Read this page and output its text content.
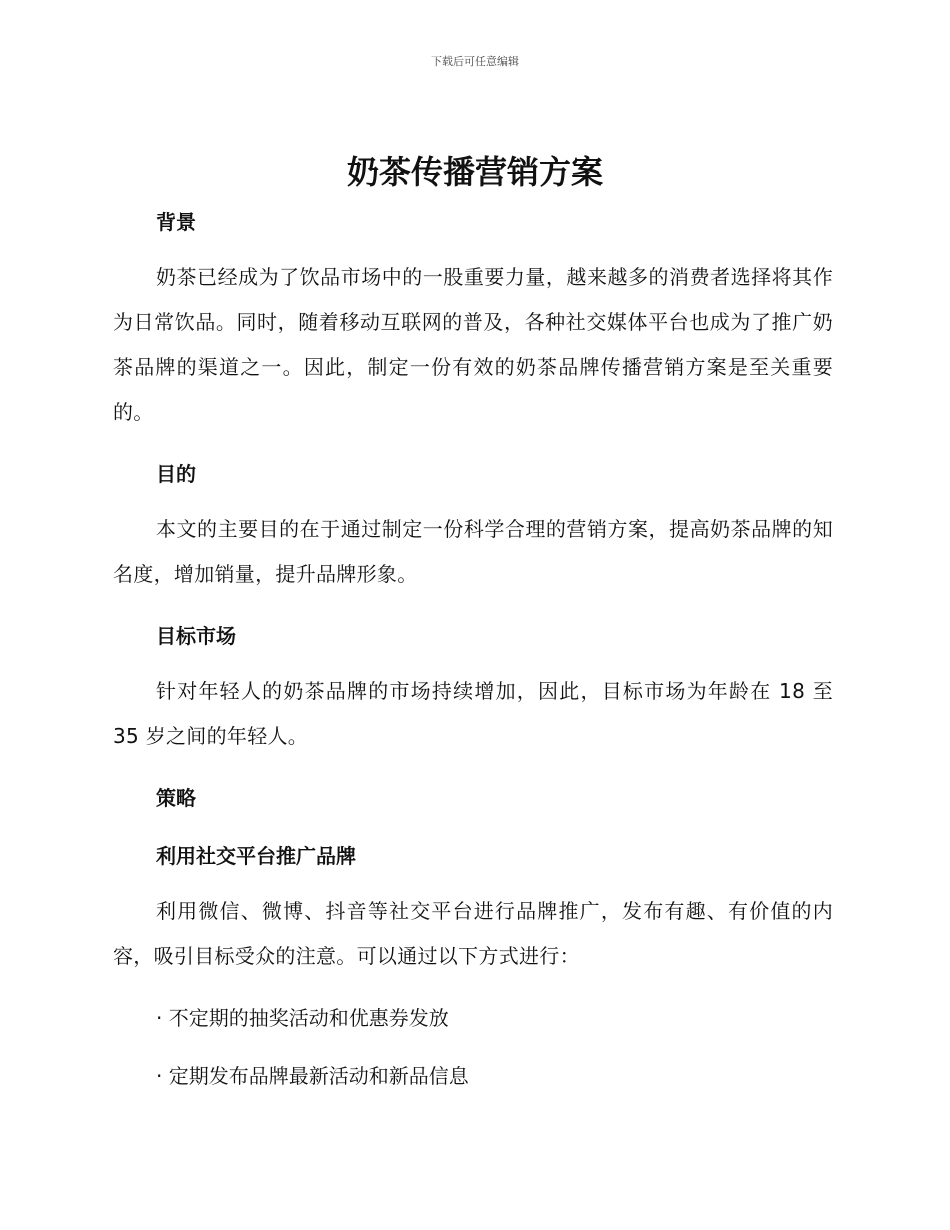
下载后可任意编辑
奶茶传播营销方案

背景

奶茶已经成为了饮品市场中的一股重要力量，越来越多的消费者选择将其作为日常饮品。同时，随着移动互联网的普及，各种社交媒体平台也成为了推广奶茶品牌的渠道之一。因此，制定一份有效的奶茶品牌传播营销方案是至关重要的。

目的

本文的主要目的在于通过制定一份科学合理的营销方案，提高奶茶品牌的知名度，增加销量，提升品牌形象。

目标市场

针对年轻人的奶茶品牌的市场持续增加，因此，目标市场为年龄在 18 至 35 岁之间的年轻人。

策略

利用社交平台推广品牌

利用微信、微博、抖音等社交平台进行品牌推广，发布有趣、有价值的内容，吸引目标受众的注意。可以通过以下方式进行：

· 不定期的抽奖活动和优惠券发放

· 定期发布品牌最新活动和新品信息
